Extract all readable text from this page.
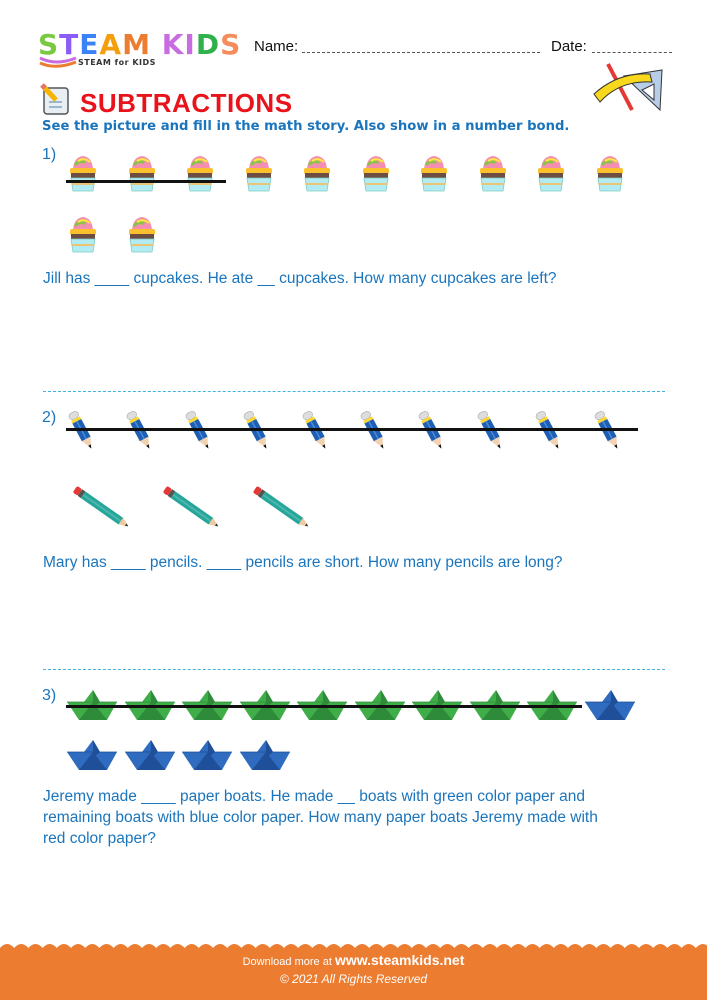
STEAM KIDS
STEAM for KIDS
Name:	Date:
SUBTRACTIONS
See the picture and fill in the math story. Also show in a number bond.
1)
Jill has ____ cupcakes. He ate __ cupcakes. How many cupcakes are left?
2)
Mary has ____ pencils. ____ pencils are short. How many pencils are long?
3)
Jeremy made ____ paper boats. He made __ boats with green color paper and
remaining boats with blue color paper. How many paper boats Jeremy made with
red color paper?
Download more at www.steamkids.net
© 2021 All Rights Reserved
